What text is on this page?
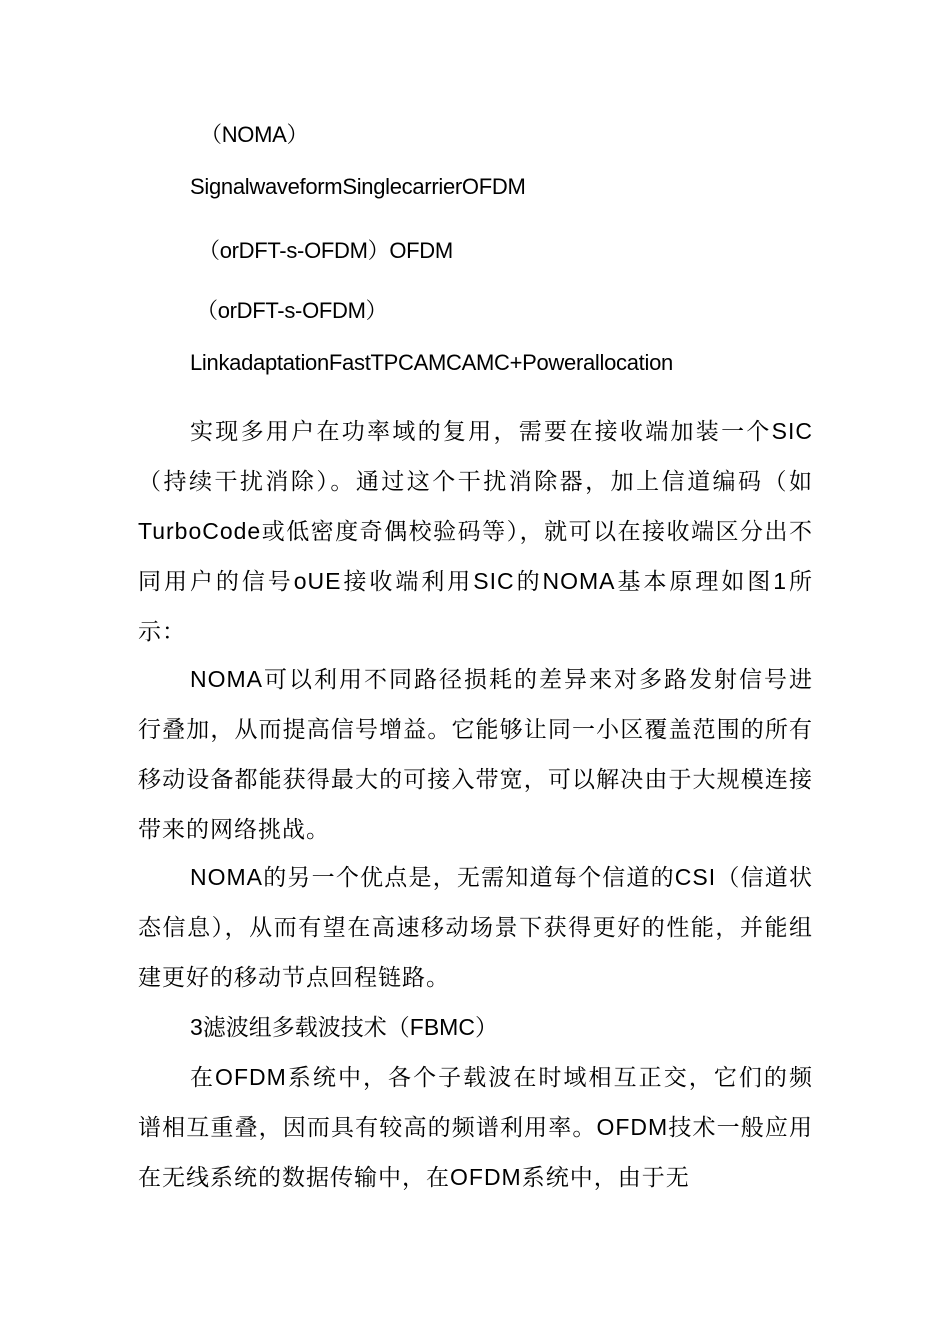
（NOMA）
SignalwaveformSinglecarrierOFDM
（orDFT-s-OFDM）OFDM
（orDFT-s-OFDM）
LinkadaptationFastTPCAMCAMC+Powerallocation

实现多用户在功率域的复用，需要在接收端加装一个SIC（持续干扰消除）。通过这个干扰消除器，加上信道编码（如TurboCode或低密度奇偶校验码等），就可以在接收端区分出不同用户的信号oUE接收端利用SIC的NOMA基本原理如图1所示：

NOMA可以利用不同路径损耗的差异来对多路发射信号进行叠加，从而提高信号增益。它能够让同一小区覆盖范围的所有移动设备都能获得最大的可接入带宽，可以解决由于大规模连接带来的网络挑战。

NOMA的另一个优点是，无需知道每个信道的CSI（信道状态信息），从而有望在高速移动场景下获得更好的性能，并能组建更好的移动节点回程链路。

3滤波组多载波技术（FBMC）

在OFDM系统中，各个子载波在时域相互正交，它们的频谱相互重叠，因而具有较高的频谱利用率。OFDM技术一般应用在无线系统的数据传输中，在OFDM系统中，由于无
